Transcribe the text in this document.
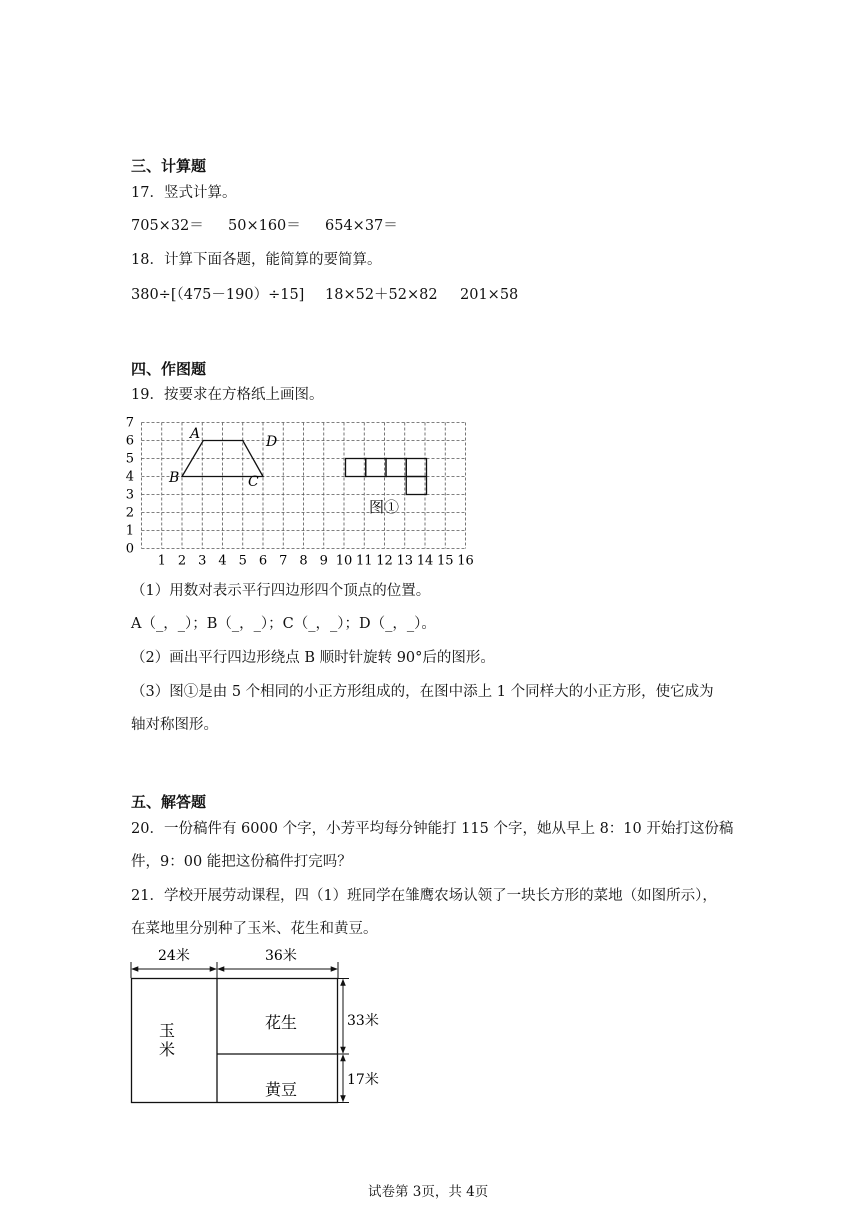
三、计算题
17．竖式计算。
705×32＝ 50×160＝ 654×37＝
18．计算下面各题，能简算的要简算。
380÷[（475－190）÷15] 18×52＋52×82 201×58
四、作图题
19．按要求在方格纸上画图。
1 2 3 4 5 6 7 8 9 10 11 12 13 14 15 16
0
1
2
3
4
5
6
7
A	D
B	C
图①
（1）用数对表示平行四边形四个顶点的位置。
A（_，_）；B（_，_）；C（_，_）；D（_，_）。
（2）画出平行四边形绕点 B 顺时针旋转 90°后的图形。
（3）图①是由 5 个相同的小正方形组成的，在图中添上 1 个同样大的小正方形，使它成为
轴对称图形。
五、解答题
20．一份稿件有 6000 个字，小芳平均每分钟能打 115 个字，她从早上 8：10 开始打这份稿
件，9：00 能把这份稿件打完吗？
21．学校开展劳动课程，四（1）班同学在雏鹰农场认领了一块长方形的菜地（如图所示），
在菜地里分别种了玉米、花生和黄豆。
24米	36米
玉
米
花生
黄豆
33米
17米
试卷第 3页，共 4页
